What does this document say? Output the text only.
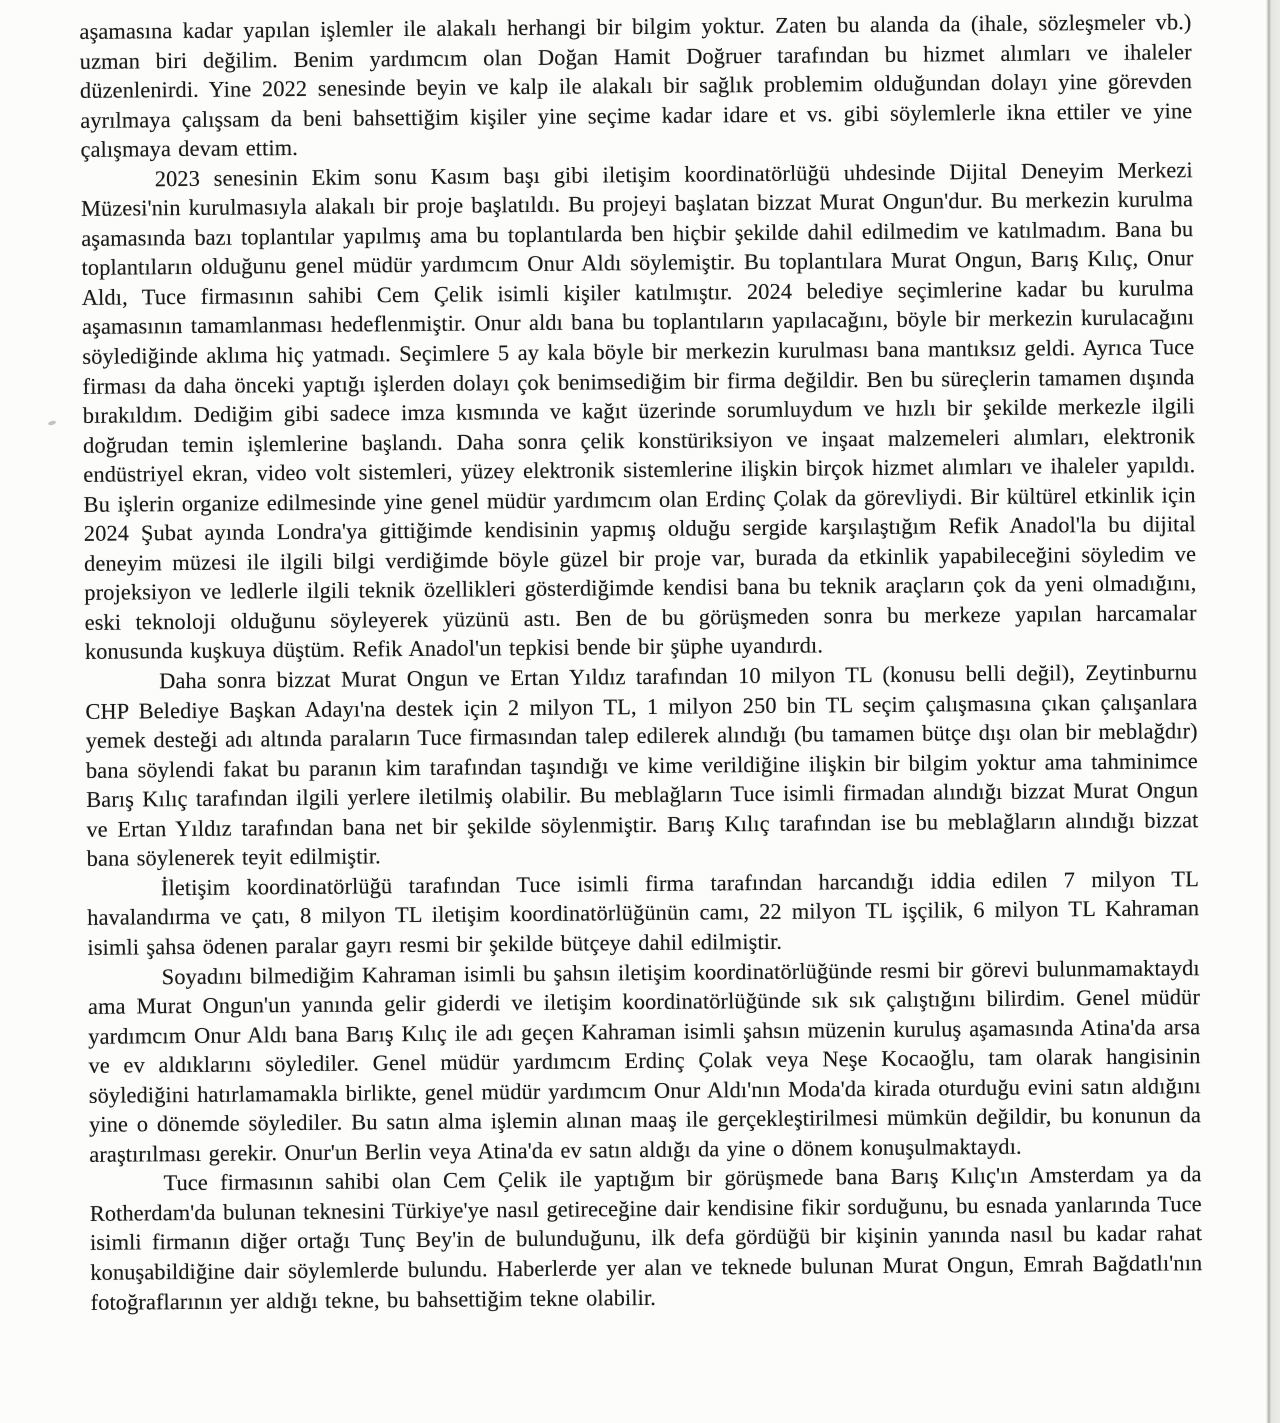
aşamasına kadar yapılan işlemler ile alakalı herhangi bir bilgim yoktur. Zaten bu alanda da (ihale, sözleşmeler vb.) uzman biri değilim. Benim yardımcım olan Doğan Hamit Doğruer tarafından bu hizmet alımları ve ihaleler düzenlenirdi. Yine 2022 senesinde beyin ve kalp ile alakalı bir sağlık problemim olduğundan dolayı yine görevden ayrılmaya çalışsam da beni bahsettiğim kişiler yine seçime kadar idare et vs. gibi söylemlerle ikna ettiler ve yine çalışmaya devam ettim.

2023 senesinin Ekim sonu Kasım başı gibi iletişim koordinatörlüğü uhdesinde Dijital Deneyim Merkezi Müzesi'nin kurulmasıyla alakalı bir proje başlatıldı. Bu projeyi başlatan bizzat Murat Ongun'dur. Bu merkezin kurulma aşamasında bazı toplantılar yapılmış ama bu toplantılarda ben hiçbir şekilde dahil edilmedim ve katılmadım. Bana bu toplantıların olduğunu genel müdür yardımcım Onur Aldı söylemiştir. Bu toplantılara Murat Ongun, Barış Kılıç, Onur Aldı, Tuce firmasının sahibi Cem Çelik isimli kişiler katılmıştır. 2024 belediye seçimlerine kadar bu kurulma aşamasının tamamlanması hedeflenmiştir. Onur aldı bana bu toplantıların yapılacağını, böyle bir merkezin kurulacağını söylediğinde aklıma hiç yatmadı. Seçimlere 5 ay kala böyle bir merkezin kurulması bana mantıksız geldi. Ayrıca Tuce firması da daha önceki yaptığı işlerden dolayı çok benimsediğim bir firma değildir. Ben bu süreçlerin tamamen dışında bırakıldım. Dediğim gibi sadece imza kısmında ve kağıt üzerinde sorumluydum ve hızlı bir şekilde merkezle ilgili doğrudan temin işlemlerine başlandı. Daha sonra çelik konstüriksiyon ve inşaat malzemeleri alımları, elektronik endüstriyel ekran, video volt sistemleri, yüzey elektronik sistemlerine ilişkin birçok hizmet alımları ve ihaleler yapıldı. Bu işlerin organize edilmesinde yine genel müdür yardımcım olan Erdinç Çolak da görevliydi. Bir kültürel etkinlik için 2024 Şubat ayında Londra'ya gittiğimde kendisinin yapmış olduğu sergide karşılaştığım Refik Anadol'la bu dijital deneyim müzesi ile ilgili bilgi verdiğimde böyle güzel bir proje var, burada da etkinlik yapabileceğini söyledim ve projeksiyon ve ledlerle ilgili teknik özellikleri gösterdiğimde kendisi bana bu teknik araçların çok da yeni olmadığını, eski teknoloji olduğunu söyleyerek yüzünü astı. Ben de bu görüşmeden sonra bu merkeze yapılan harcamalar konusunda kuşkuya düştüm. Refik Anadol'un tepkisi bende bir şüphe uyandırdı.

Daha sonra bizzat Murat Ongun ve Ertan Yıldız tarafından 10 milyon TL (konusu belli değil), Zeytinburnu CHP Belediye Başkan Adayı'na destek için 2 milyon TL, 1 milyon 250 bin TL seçim çalışmasına çıkan çalışanlara yemek desteği adı altında paraların Tuce firmasından talep edilerek alındığı (bu tamamen bütçe dışı olan bir meblağdır) bana söylendi fakat bu paranın kim tarafından taşındığı ve kime verildiğine ilişkin bir bilgim yoktur ama tahminimce Barış Kılıç tarafından ilgili yerlere iletilmiş olabilir. Bu meblağların Tuce isimli firmadan alındığı bizzat Murat Ongun ve Ertan Yıldız tarafından bana net bir şekilde söylenmiştir. Barış Kılıç tarafından ise bu meblağların alındığı bizzat bana söylenerek teyit edilmiştir.

İletişim koordinatörlüğü tarafından Tuce isimli firma tarafından harcandığı iddia edilen 7 milyon TL havalandırma ve çatı, 8 milyon TL iletişim koordinatörlüğünün camı, 22 milyon TL işçilik, 6 milyon TL Kahraman isimli şahsa ödenen paralar gayrı resmi bir şekilde bütçeye dahil edilmiştir.

Soyadını bilmediğim Kahraman isimli bu şahsın iletişim koordinatörlüğünde resmi bir görevi bulunmamaktaydı ama Murat Ongun'un yanında gelir giderdi ve iletişim koordinatörlüğünde sık sık çalıştığını bilirdim. Genel müdür yardımcım Onur Aldı bana Barış Kılıç ile adı geçen Kahraman isimli şahsın müzenin kuruluş aşamasında Atina'da arsa ve ev aldıklarını söylediler. Genel müdür yardımcım Erdinç Çolak veya Neşe Kocaoğlu, tam olarak hangisinin söylediğini hatırlamamakla birlikte, genel müdür yardımcım Onur Aldı'nın Moda'da kirada oturduğu evini satın aldığını yine o dönemde söylediler. Bu satın alma işlemin alınan maaş ile gerçekleştirilmesi mümkün değildir, bu konunun da araştırılması gerekir. Onur'un Berlin veya Atina'da ev satın aldığı da yine o dönem konuşulmaktaydı.

Tuce firmasının sahibi olan Cem Çelik ile yaptığım bir görüşmede bana Barış Kılıç'ın Amsterdam ya da Rotherdam'da bulunan teknesini Türkiye'ye nasıl getireceğine dair kendisine fikir sorduğunu, bu esnada yanlarında Tuce isimli firmanın diğer ortağı Tunç Bey'in de bulunduğunu, ilk defa gördüğü bir kişinin yanında nasıl bu kadar rahat konuşabildiğine dair söylemlerde bulundu. Haberlerde yer alan ve teknede bulunan Murat Ongun, Emrah Bağdatlı'nın fotoğraflarının yer aldığı tekne, bu bahsettiğim tekne olabilir.
